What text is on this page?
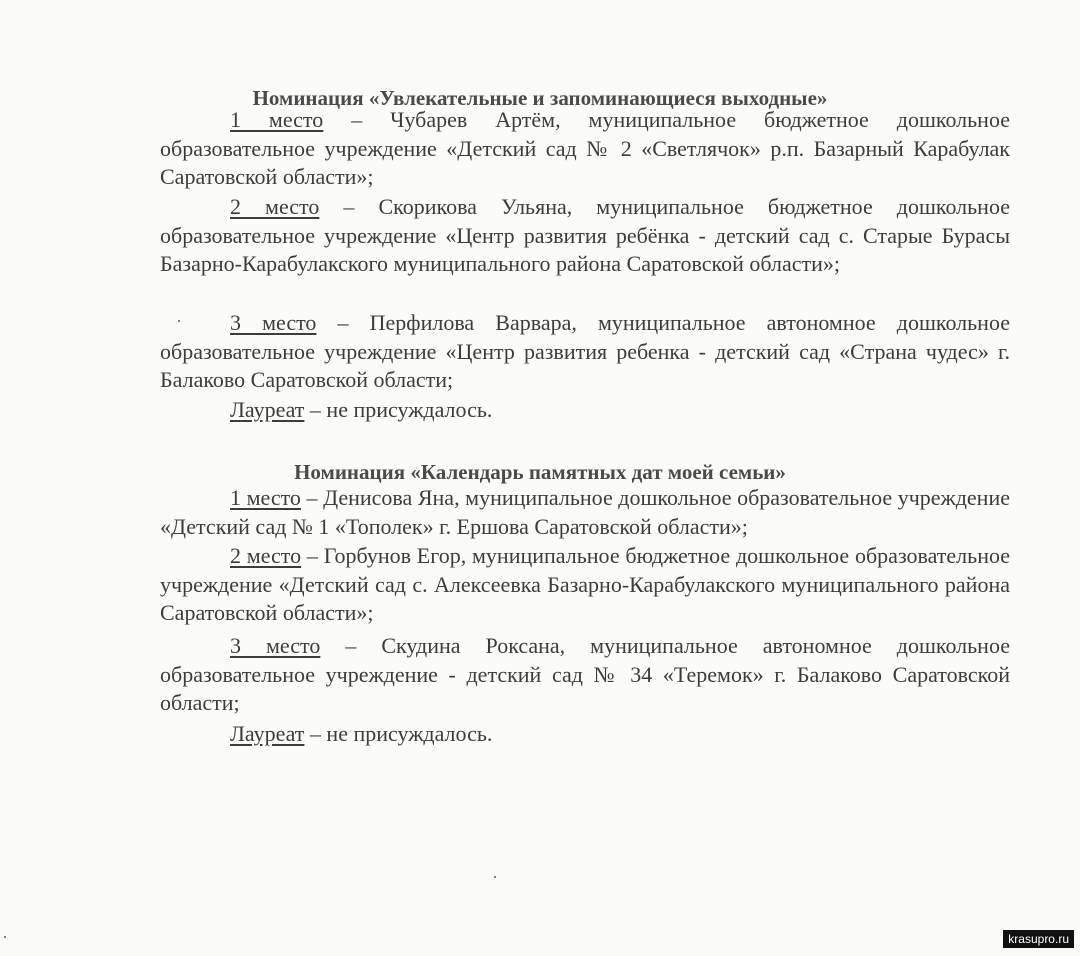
Номинация «Увлекательные и запоминающиеся выходные»
1 место – Чубарев Артём, муниципальное бюджетное дошкольное образовательное учреждение «Детский сад № 2 «Светлячок» р.п. Базарный Карабулак Саратовской области»;
2 место – Скорикова Ульяна, муниципальное бюджетное дошкольное образовательное учреждение «Центр развития ребёнка - детский сад с. Старые Бурасы Базарно-Карабулакского муниципального района Саратовской области»;
3 место – Перфилова Варвара, муниципальное автономное дошкольное образовательное учреждение «Центр развития ребенка - детский сад «Страна чудес» г. Балаково Саратовской области;
Лауреат – не присуждалось.
Номинация «Календарь памятных дат моей семьи»
1 место – Денисова Яна, муниципальное дошкольное образовательное учреждение «Детский сад № 1 «Тополек» г. Ершова Саратовской области»;
2 место – Горбунов Егор, муниципальное бюджетное дошкольное образовательное учреждение «Детский сад с. Алексеевка Базарно-Карабулакского муниципального района Саратовской области»;
3 место – Скудина Роксана, муниципальное автономное дошкольное образовательное учреждение - детский сад № 34 «Теремок» г. Балаково Саратовской области;
Лауреат – не присуждалось.
krasupro.ru
